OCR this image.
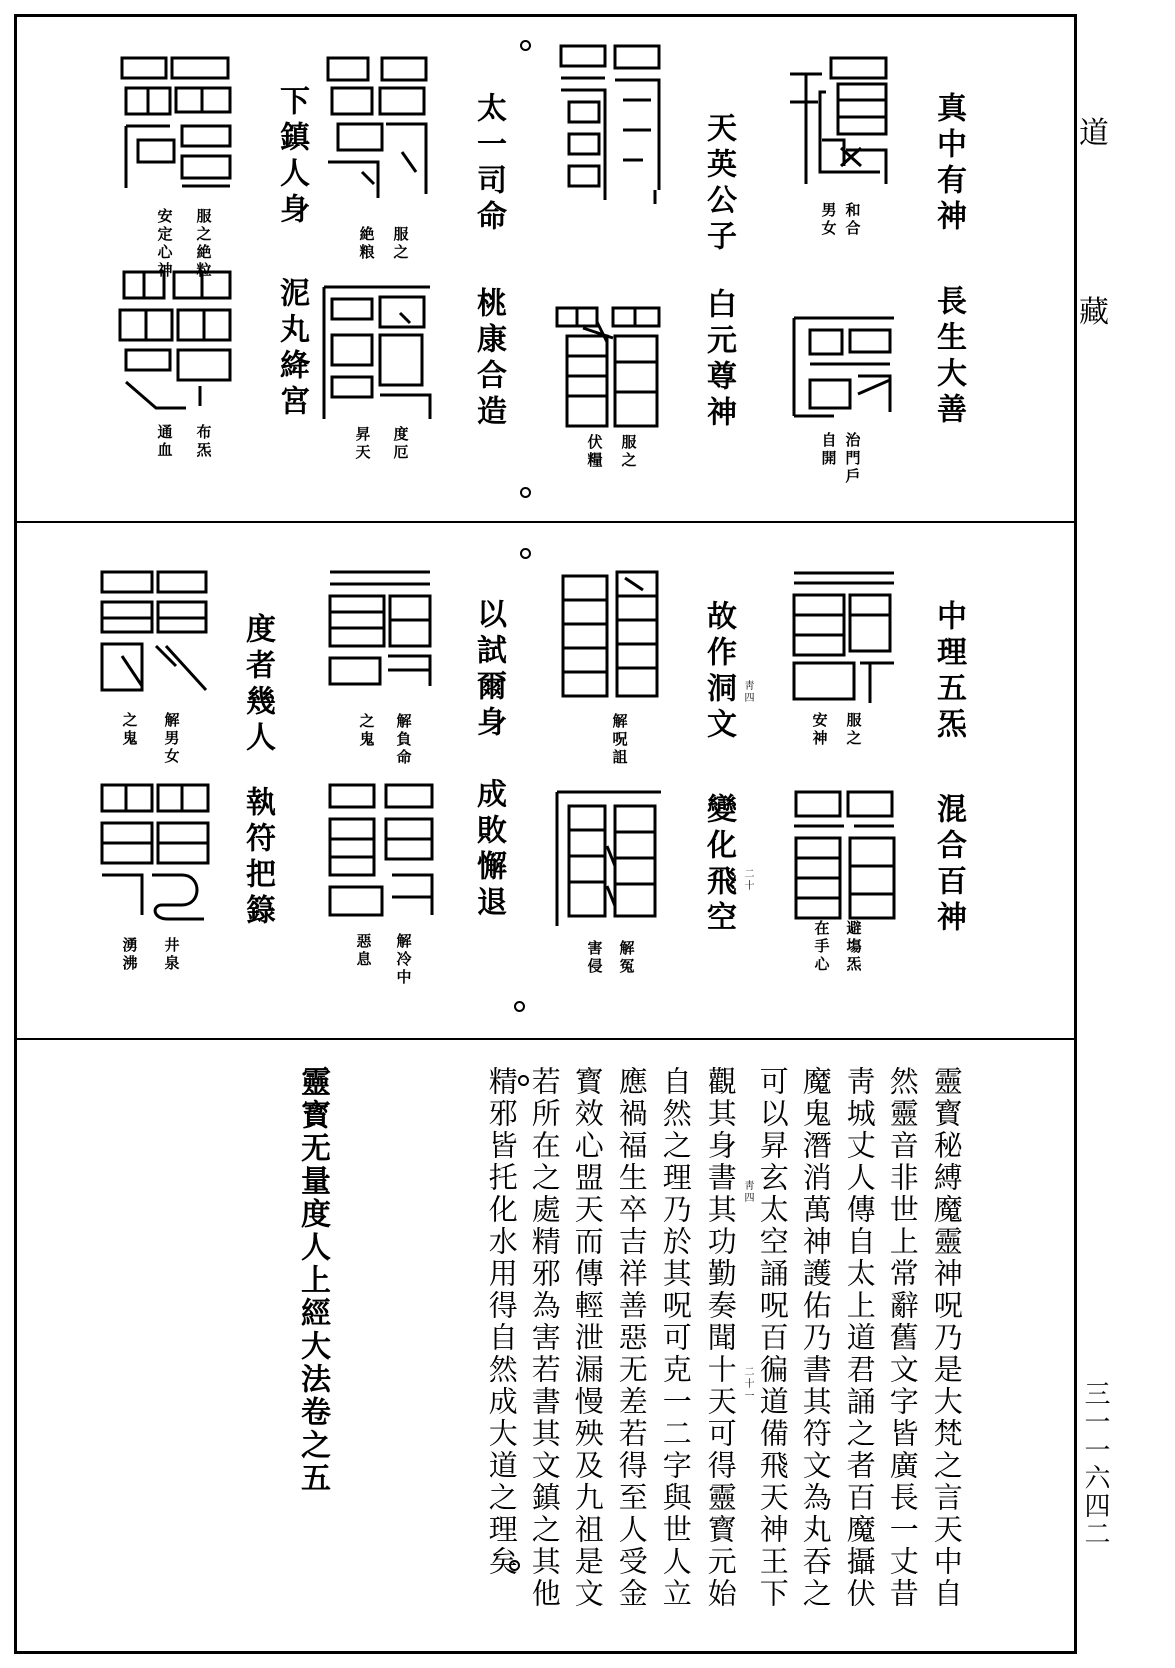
道
藏
三一一六四二
真中有神
長生大善
和合
男女
治門戶
自開
天英公子
白元尊神
服之
伏糧
太一司命
桃康合造
服之
絶粮
度厄
昇天
下鎮人身
泥丸絳宮
服之絶粒
安定心神
布炁
通血
中理五炁
混合百神
服之
安神
避塲炁
在手心
故作洞文 靑四
變化飛空 二十
解呪詛
解冤
害侵
以試爾身
成敗懈退
解負命
之鬼
解冷中
惡息
度者幾人
執符把籙
解男女
之鬼
井泉
湧沸
靈寳秘縛魔靈神呪乃是大梵之言天中自
然靈音非世上常辭舊文字皆廣長一丈昔
靑城丈人傳自太上道君誦之者百魔攝伏
魔鬼潛消萬神護佑乃書其符文為丸吞之
可以昇玄太空誦呪百徧道備飛天神王下
觀其身書其功勤奏聞十天可得靈寳元始
自然之理乃於其呪可克一二字與世人立
應禍福生卒吉祥善惡无差若得至人受金
寳效心盟天而傳輕泄漏慢殃及九祖是文
若所在之處精邪為害若書其文鎮之其他
精邪皆托化水用得自然成大道之理矣	靑四
二十一
靈寳无量度人上經大法卷之五
